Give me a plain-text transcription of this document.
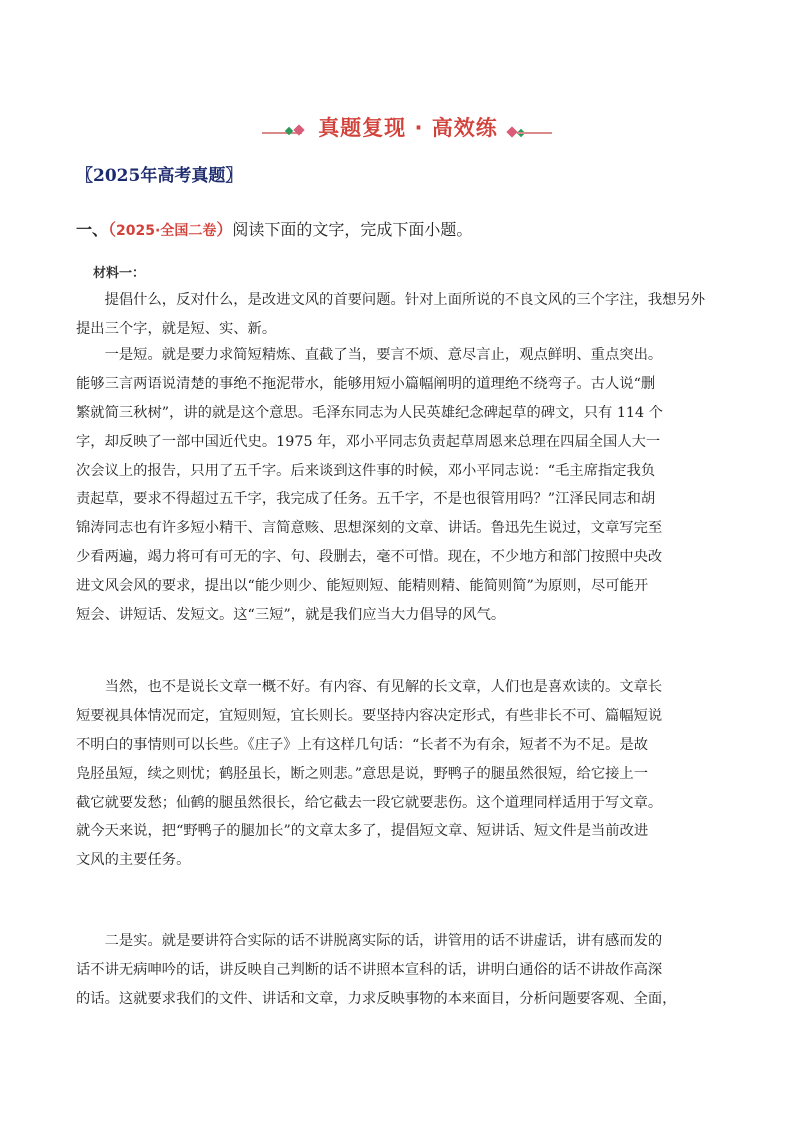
真题复现 · 高效练
〖2025年高考真题〗
一、（2025·全国二卷）阅读下面的文字，完成下面小题。
材料一：
　　提倡什么，反对什么，是改进文风的首要问题。针对上面所说的不良文风的三个字注，我想另外
提出三个字，就是短、实、新。
　　一是短。就是要力求简短精炼、直截了当，要言不烦、意尽言止，观点鲜明、重点突出。
能够三言两语说清楚的事绝不拖泥带水，能够用短小篇幅阐明的道理绝不绕弯子。古人说“删
繁就简三秋树”，讲的就是这个意思。毛泽东同志为人民英雄纪念碑起草的碑文，只有 114 个
字，却反映了一部中国近代史。1975 年，邓小平同志负责起草周恩来总理在四届全国人大一
次会议上的报告，只用了五千字。后来谈到这件事的时候，邓小平同志说：“毛主席指定我负
责起草，要求不得超过五千字，我完成了任务。五千字，不是也很管用吗？”江泽民同志和胡
锦涛同志也有许多短小精干、言简意赅、思想深刻的文章、讲话。鲁迅先生说过，文章写完至
少看两遍，竭力将可有可无的字、句、段删去，毫不可惜。现在，不少地方和部门按照中央改
进文风会风的要求，提出以“能少则少、能短则短、能精则精、能简则简”为原则，尽可能开
短会、讲短话、发短文。这“三短”，就是我们应当大力倡导的风气。
　　当然，也不是说长文章一概不好。有内容、有见解的长文章，人们也是喜欢读的。文章长
短要视具体情况而定，宜短则短，宜长则长。要坚持内容决定形式，有些非长不可、篇幅短说
不明白的事情则可以长些。《庄子》上有这样几句话：“长者不为有余，短者不为不足。是故
凫胫虽短，续之则忧；鹤胫虽长，断之则悲。”意思是说，野鸭子的腿虽然很短，给它接上一
截它就要发愁；仙鹤的腿虽然很长，给它截去一段它就要悲伤。这个道理同样适用于写文章。
就今天来说，把“野鸭子的腿加长”的文章太多了，提倡短文章、短讲话、短文件是当前改进
文风的主要任务。
　　二是实。就是要讲符合实际的话不讲脱离实际的话，讲管用的话不讲虚话，讲有感而发的
话不讲无病呻吟的话，讲反映自己判断的话不讲照本宣科的话，讲明白通俗的话不讲故作高深
的话。这就要求我们的文件、讲话和文章，力求反映事物的本来面目，分析问题要客观、全面，
